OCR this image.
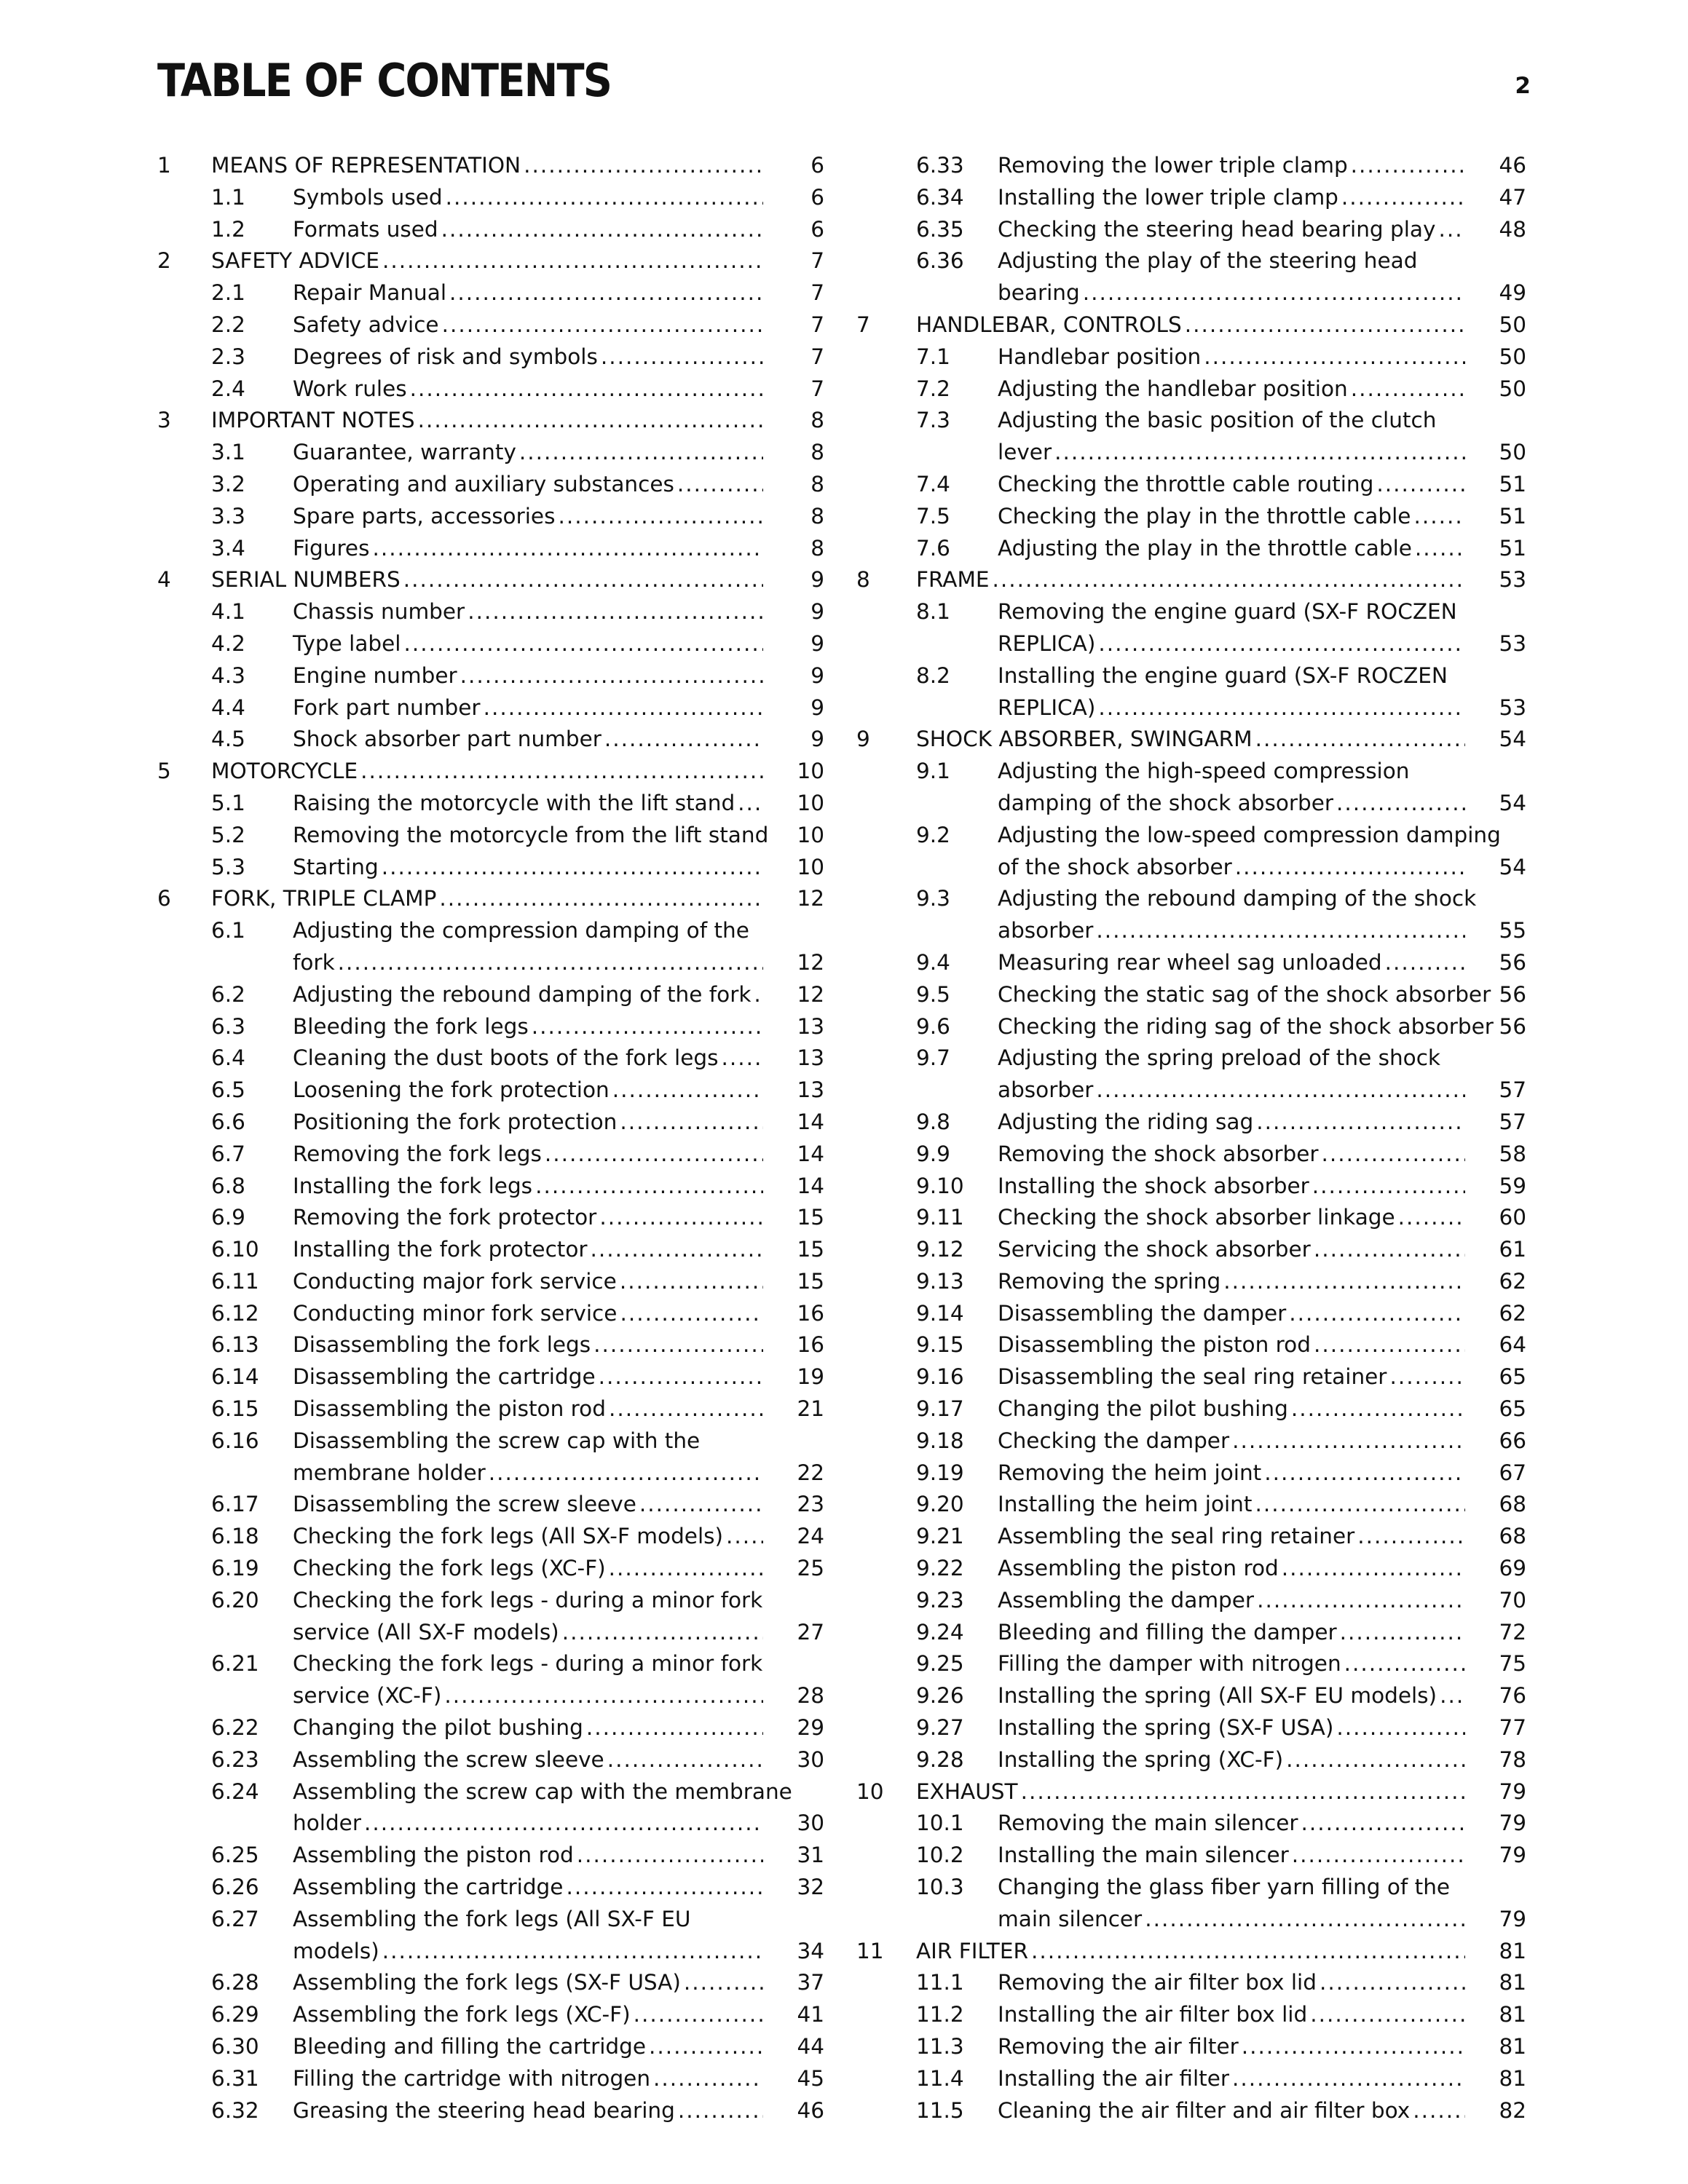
TABLE OF CONTENTS	2
1 MEANS OF REPRESENTATION .....	6
1.1 Symbols used .....	6
1.2 Formats used .....	6
2 SAFETY ADVICE .....	7
2.1 Repair Manual .....	7
2.2 Safety advice .....	7
2.3 Degrees of risk and symbols .....	7
2.4 Work rules .....	7
3 IMPORTANT NOTES .....	8
3.1 Guarantee, warranty .....	8
3.2 Operating and auxiliary substances .....	8
3.3 Spare parts, accessories .....	8
3.4 Figures .....	8
4 SERIAL NUMBERS .....	9
4.1 Chassis number .....	9
4.2 Type label .....	9
4.3 Engine number .....	9
4.4 Fork part number .....	9
4.5 Shock absorber part number .....	9
5 MOTORCYCLE .....	10
5.1 Raising the motorcycle with the lift stand .....	10
5.2 Removing the motorcycle from the lift stand	10
5.3 Starting .....	10
6 FORK, TRIPLE CLAMP .....	12
6.1 Adjusting the compression damping of the
fork .....	12
6.2 Adjusting the rebound damping of the fork .....	12
6.3 Bleeding the fork legs .....	13
6.4 Cleaning the dust boots of the fork legs .....	13
6.5 Loosening the fork protection .....	13
6.6 Positioning the fork protection .....	14
6.7 Removing the fork legs .....	14
6.8 Installing the fork legs .....	14
6.9 Removing the fork protector .....	15
6.10 Installing the fork protector .....	15
6.11 Conducting major fork service .....	15
6.12 Conducting minor fork service .....	16
6.13 Disassembling the fork legs .....	16
6.14 Disassembling the cartridge .....	19
6.15 Disassembling the piston rod .....	21
6.16 Disassembling the screw cap with the
membrane holder .....	22
6.17 Disassembling the screw sleeve .....	23
6.18 Checking the fork legs (All SX-F models) .....	24
6.19 Checking the fork legs (XC-F) .....	25
6.20 Checking the fork legs - during a minor fork
service (All SX-F models) .....	27
6.21 Checking the fork legs - during a minor fork
service (XC-F) .....	28
6.22 Changing the pilot bushing .....	29
6.23 Assembling the screw sleeve .....	30
6.24 Assembling the screw cap with the membrane
holder .....	30
6.25 Assembling the piston rod .....	31
6.26 Assembling the cartridge .....	32
6.27 Assembling the fork legs (All SX-F EU
models) .....	34
6.28 Assembling the fork legs (SX-F USA) .....	37
6.29 Assembling the fork legs (XC-F) .....	41
6.30 Bleeding and filling the cartridge .....	44
6.31 Filling the cartridge with nitrogen .....	45
6.32 Greasing the steering head bearing .....	46
6.33 Removing the lower triple clamp .....	46
6.34 Installing the lower triple clamp .....	47
6.35 Checking the steering head bearing play .....	48
6.36 Adjusting the play of the steering head
bearing .....	49
7 HANDLEBAR, CONTROLS .....	50
7.1 Handlebar position .....	50
7.2 Adjusting the handlebar position .....	50
7.3 Adjusting the basic position of the clutch
lever .....	50
7.4 Checking the throttle cable routing .....	51
7.5 Checking the play in the throttle cable .....	51
7.6 Adjusting the play in the throttle cable .....	51
8 FRAME .....	53
8.1 Removing the engine guard (SX-F ROCZEN
REPLICA) .....	53
8.2 Installing the engine guard (SX-F ROCZEN
REPLICA) .....	53
9 SHOCK ABSORBER, SWINGARM .....	54
9.1 Adjusting the high-speed compression
damping of the shock absorber .....	54
9.2 Adjusting the low-speed compression damping
of the shock absorber .....	54
9.3 Adjusting the rebound damping of the shock
absorber .....	55
9.4 Measuring rear wheel sag unloaded .....	56
9.5 Checking the static sag of the shock absorber 56
9.6 Checking the riding sag of the shock absorber 56
9.7 Adjusting the spring preload of the shock
absorber .....	57
9.8 Adjusting the riding sag .....	57
9.9 Removing the shock absorber .....	58
9.10 Installing the shock absorber .....	59
9.11 Checking the shock absorber linkage .....	60
9.12 Servicing the shock absorber .....	61
9.13 Removing the spring .....	62
9.14 Disassembling the damper .....	62
9.15 Disassembling the piston rod .....	64
9.16 Disassembling the seal ring retainer .....	65
9.17 Changing the pilot bushing .....	65
9.18 Checking the damper .....	66
9.19 Removing the heim joint .....	67
9.20 Installing the heim joint .....	68
9.21 Assembling the seal ring retainer .....	68
9.22 Assembling the piston rod .....	69
9.23 Assembling the damper .....	70
9.24 Bleeding and filling the damper .....	72
9.25 Filling the damper with nitrogen .....	75
9.26 Installing the spring (All SX-F EU models) .....	76
9.27 Installing the spring (SX-F USA) .....	77
9.28 Installing the spring (XC-F) .....	78
10 EXHAUST .....	79
10.1 Removing the main silencer .....	79
10.2 Installing the main silencer .....	79
10.3 Changing the glass fiber yarn filling of the
main silencer .....	79
11 AIR FILTER .....	81
11.1 Removing the air filter box lid .....	81
11.2 Installing the air filter box lid .....	81
11.3 Removing the air filter .....	81
11.4 Installing the air filter .....	81
11.5 Cleaning the air filter and air filter box .....	82
